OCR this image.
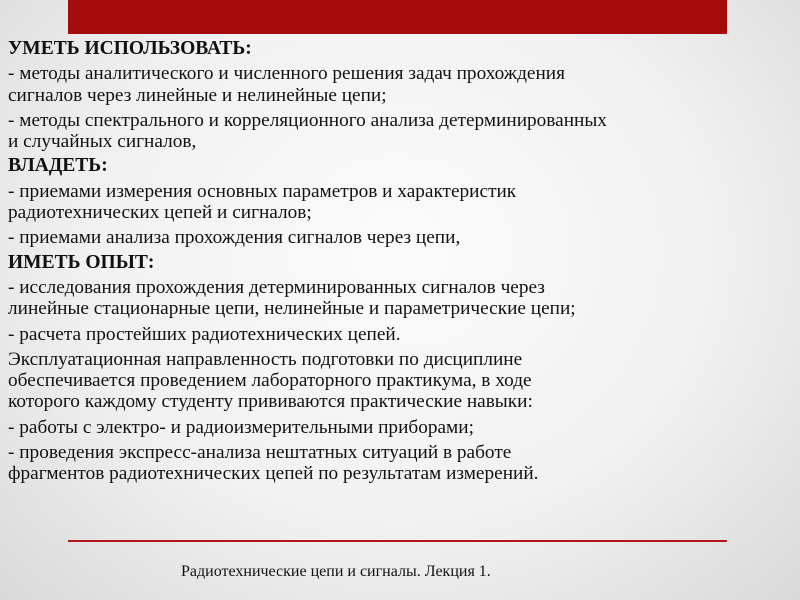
УМЕТЬ ИСПОЛЬЗОВАТЬ:
- методы аналитического и численного решения задач прохождения
сигналов через линейные и нелинейные цепи;
- методы спектрального и корреляционного анализа детерминированных
и случайных сигналов,
ВЛАДЕТЬ:
- приемами измерения основных параметров и характеристик
радиотехнических цепей и сигналов;
- приемами анализа прохождения сигналов через цепи,
ИМЕТЬ ОПЫТ:
- исследования прохождения детерминированных сигналов через
линейные стационарные цепи, нелинейные и параметрические цепи;
- расчета простейших радиотехнических цепей.
Эксплуатационная направленность подготовки по дисциплине
обеспечивается проведением лабораторного практикума, в ходе
которого каждому студенту прививаются практические навыки:
- работы с электро- и радиоизмерительными приборами;
- проведения экспресс-анализа нештатных ситуаций в работе
фрагментов радиотехнических цепей по результатам измерений.
Радиотехнические цепи и сигналы. Лекция 1.
